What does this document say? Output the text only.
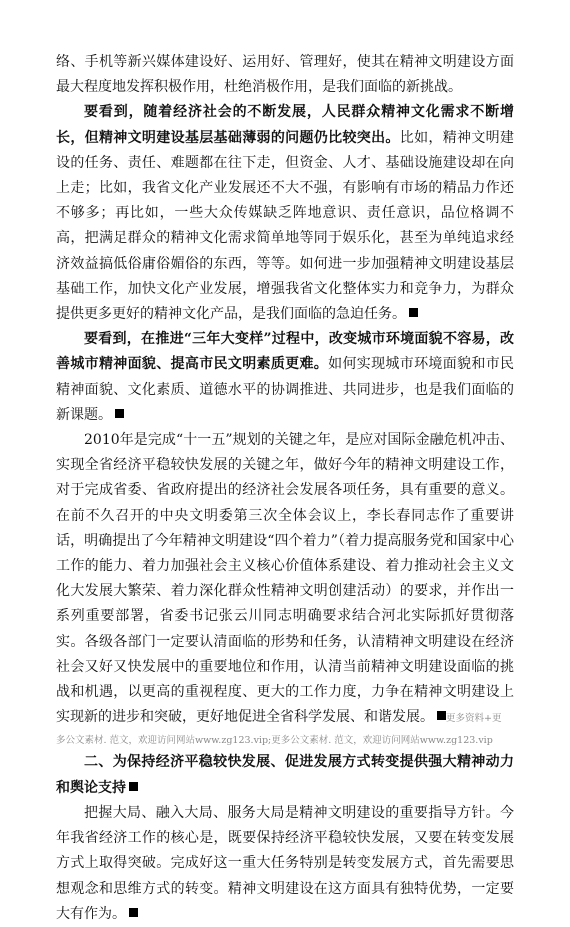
络、手机等新兴媒体建设好、运用好、管理好，使其在精神文明建设方面最大程度地发挥积极作用，杜绝消极作用，是我们面临的新挑战。

要看到，随着经济社会的不断发展，人民群众精神文化需求不断增长，但精神文明建设基层基础薄弱的问题仍比较突出。比如，精神文明建设的任务、责任、难题都在往下走，但资金、人才、基础设施建设却在向上走；比如，我省文化产业发展还不大不强，有影响有市场的精品力作还不够多；再比如，一些大众传媒缺乏阵地意识、责任意识，品位格调不高，把满足群众的精神文化需求简单地等同于娱乐化，甚至为单纯追求经济效益搞低俗庸俗媚俗的东西，等等。如何进一步加强精神文明建设基层基础工作，加快文化产业发展，增强我省文化整体实力和竞争力，为群众提供更多更好的精神文化产品，是我们面临的急迫任务。

要看到，在推进“三年大变样”过程中，改变城市环境面貌不容易，改善城市精神面貌、提高市民文明素质更难。如何实现城市环境面貌和市民精神面貌、文化素质、道德水平的协调推进、共同进步，也是我们面临的新课题。

2010年是完成“十一五”规划的关键之年，是应对国际金融危机冲击、实现全省经济平稳较快发展的关键之年，做好今年的精神文明建设工作，对于完成省委、省政府提出的经济社会发展各项任务，具有重要的意义。在前不久召开的中央文明委第三次全体会议上，李长春同志作了重要讲话，明确提出了今年精神文明建设“四个着力”（着力提高服务党和国家中心工作的能力、着力加强社会主义核心价值体系建设、着力推动社会主义文化大发展大繁荣、着力深化群众性精神文明创建活动）的要求，并作出一系列重要部署，省委书记张云川同志明确要求结合河北实际抓好贯彻落实。各级各部门一定要认清面临的形势和任务，认清精神文明建设在经济社会又好又快发展中的重要地位和作用，认清当前精神文明建设面临的挑战和机遇，以更高的重视程度、更大的工作力度，力争在精神文明建设上实现新的进步和突破，更好地促进全省科学发展、和谐发展。 更多资料+更
多公文素材. 范文，欢迎访问网站www.zg123.vip;更多公文素材. 范文，欢迎访问网站www.zg123.vip

二、为保持经济平稳较快发展、促进发展方式转变提供强大精神动力和舆论支持

把握大局、融入大局、服务大局是精神文明建设的重要指导方针。今年我省经济工作的核心是，既要保持经济平稳较快发展，又要在转变发展方式上取得突破。完成好这一重大任务特别是转变发展方式，首先需要思想观念和思维方式的转变。精神文明建设在这方面具有独特优势，一定要大有作为。
